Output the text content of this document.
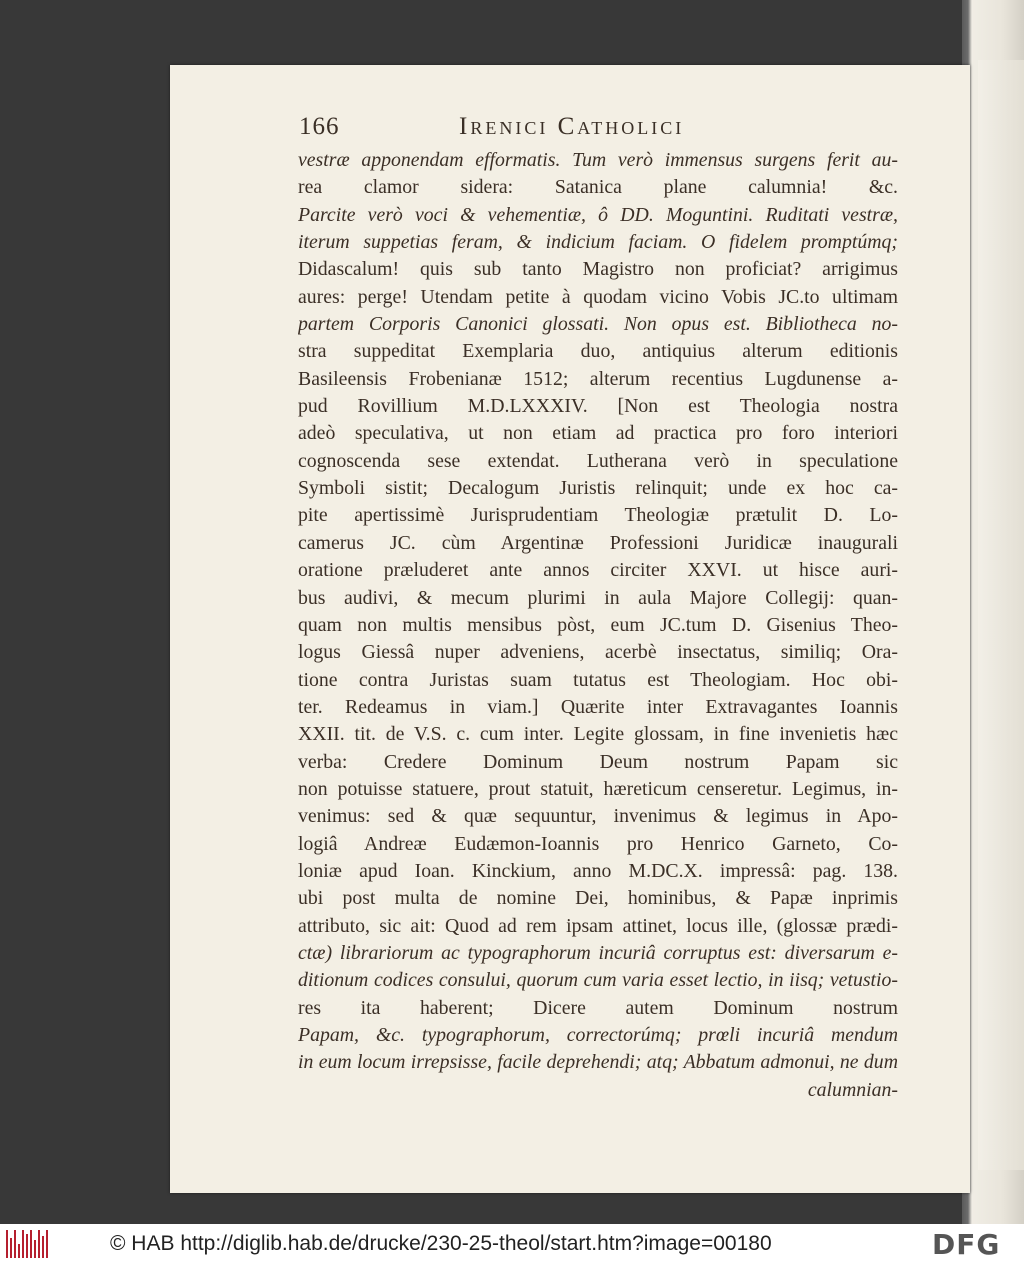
166	Irenici Catholici
vestræ apponendam efformatis. Tum verò immensus surgens ferit au-
rea clamor sidera: Satanica plane calumnia! &c.
Parcite verò voci & vehementiæ, ô DD. Moguntini. Ruditati vestræ,
iterum suppetias feram, & indicium faciam. O fidelem promptúmq;
Didascalum! quis sub tanto Magistro non proficiat? arrigimus
aures: perge! Utendam petite à quodam vicino Vobis JC.to ultimam
partem Corporis Canonici glossati. Non opus est. Bibliotheca no-
stra suppeditat Exemplaria duo, antiquius alterum editionis
Basileensis Frobenianæ 1512; alterum recentius Lugdunense a-
pud Rovillium M.D.LXXXIV. [Non est Theologia nostra
adeò speculativa, ut non etiam ad practica pro foro interiori
cognoscenda sese extendat. Lutherana verò in speculatione
Symboli sistit; Decalogum Juristis relinquit; unde ex hoc ca-
pite apertissimè Jurisprudentiam Theologiæ prætulit D. Lo-
camerus JC. cùm Argentinæ Professioni Juridicæ inaugurali
oratione præluderet ante annos circiter XXVI. ut hisce auri-
bus audivi, & mecum plurimi in aula Majore Collegij: quan-
quam non multis mensibus pòst, eum JC.tum D. Gisenius Theo-
logus Giessâ nuper adveniens, acerbè insectatus, similiq; Ora-
tione contra Juristas suam tutatus est Theologiam. Hoc obi-
ter. Redeamus in viam.] Quærite inter Extravagantes Ioannis
XXII. tit. de V.S. c. cum inter. Legite glossam, in fine invenietis hæc
verba: Credere Dominum Deum nostrum Papam sic
non potuisse statuere, prout statuit, hæreticum censeretur. Legimus, in-
venimus: sed & quæ sequuntur, invenimus & legimus in Apo-
logiâ Andreæ Eudæmon-Ioannis pro Henrico Garneto, Co-
loniæ apud Ioan. Kinckium, anno M.DC.X. impressâ: pag. 138.
ubi post multa de nomine Dei, hominibus, & Papæ inprimis
attributo, sic ait: Quod ad rem ipsam attinet, locus ille, (glossæ prædi-
ctæ) librariorum ac typographorum incuriâ corruptus est: diversarum e-
ditionum codices consului, quorum cum varia esset lectio, in iisq; vetustio-
res ita haberent; Dicere autem Dominum nostrum
Papam, &c. typographorum, correctorúmq; prœli incuriâ mendum
in eum locum irrepsisse, facile deprehendi; atq; Abbatum admonui, ne dum
calumnian-
© HAB http://diglib.hab.de/drucke/230-25-theol/start.htm?image=00180	DFG
